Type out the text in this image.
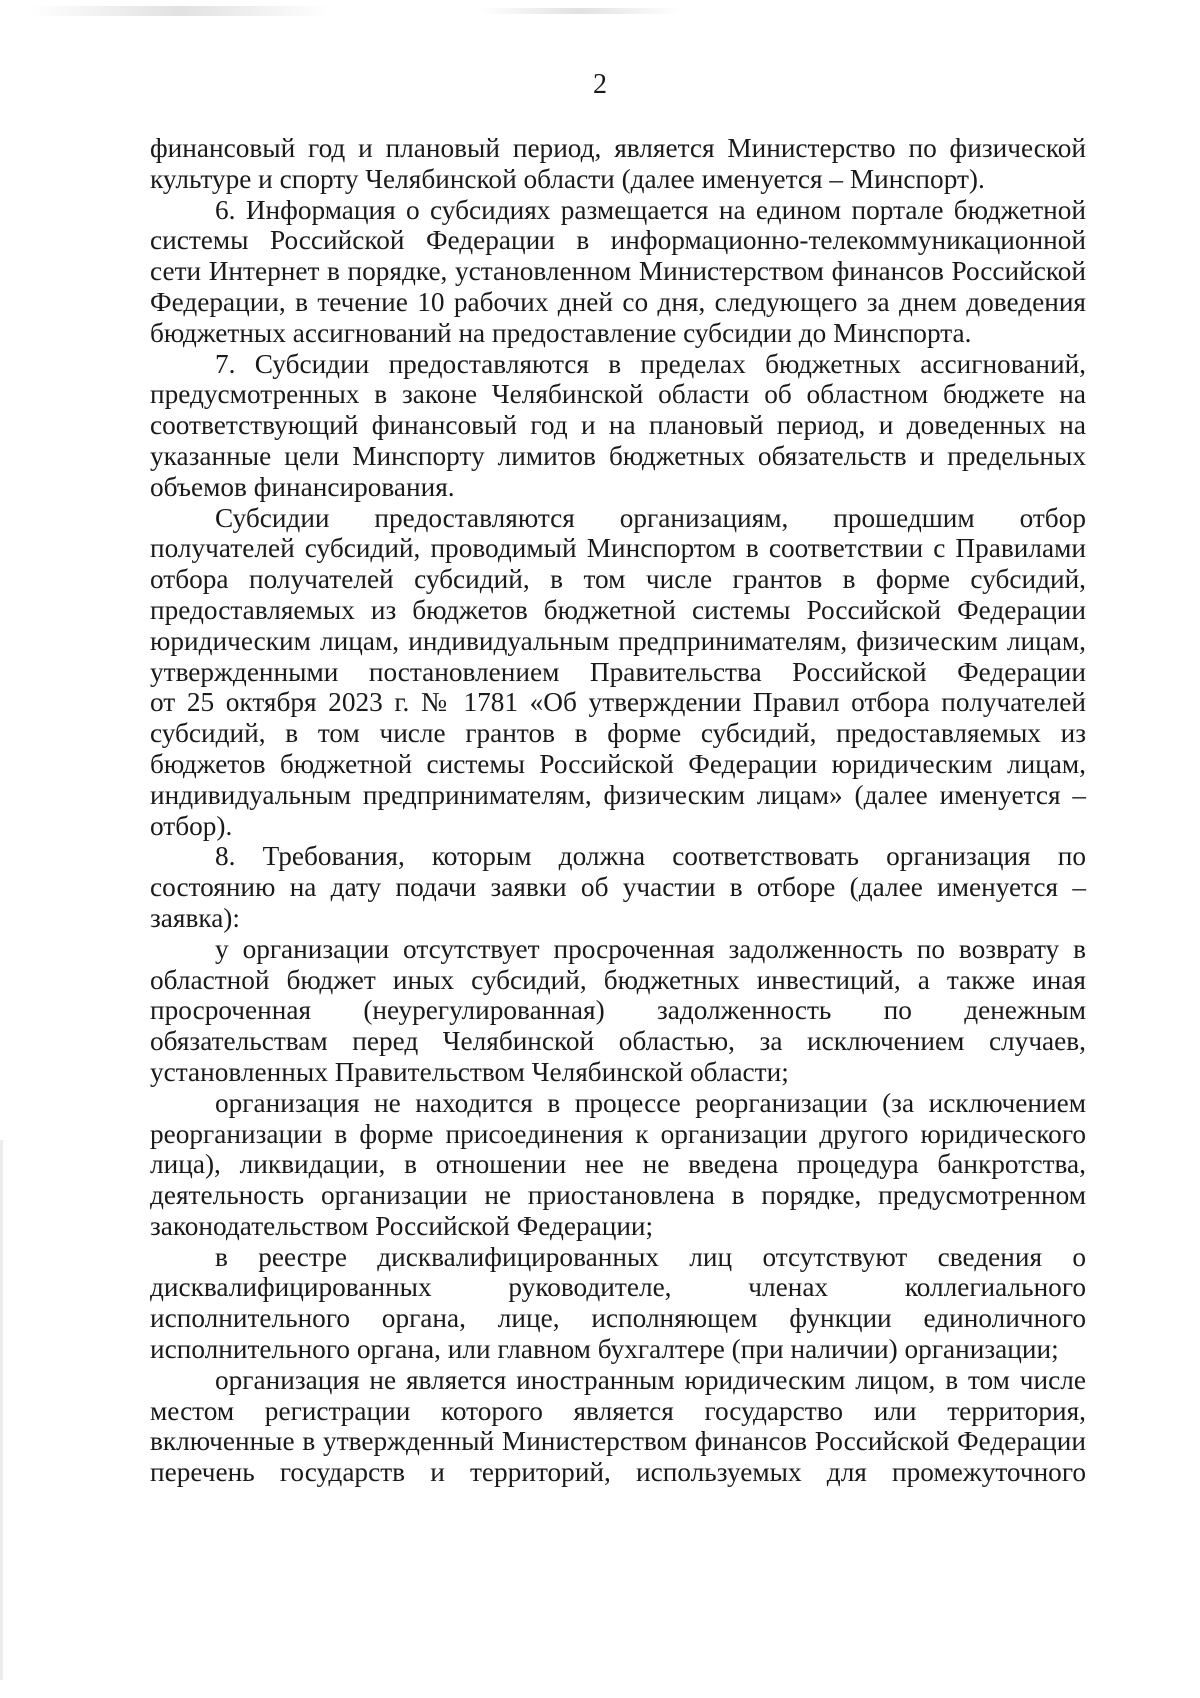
2
финансовый год и плановый период, является Министерство по физической
культуре и спорту Челябинской области (далее именуется – Минспорт).
6. Информация о субсидиях размещается на едином портале бюджетной
системы Российской Федерации в информационно-телекоммуникационной
сети Интернет в порядке, установленном Министерством финансов Российской
Федерации, в течение 10 рабочих дней со дня, следующего за днем доведения
бюджетных ассигнований на предоставление субсидии до Минспорта.
7. Субсидии предоставляются в пределах бюджетных ассигнований,
предусмотренных в законе Челябинской области об областном бюджете на
соответствующий финансовый год и на плановый период, и доведенных на
указанные цели Минспорту лимитов бюджетных обязательств и предельных
объемов финансирования.
Субсидии предоставляются организациям, прошедшим отбор
получателей субсидий, проводимый Минспортом в соответствии с Правилами
отбора получателей субсидий, в том числе грантов в форме субсидий,
предоставляемых из бюджетов бюджетной системы Российской Федерации
юридическим лицам, индивидуальным предпринимателям, физическим лицам,
утвержденными постановлением Правительства Российской Федерации
от 25 октября 2023 г. № 1781 «Об утверждении Правил отбора получателей
субсидий, в том числе грантов в форме субсидий, предоставляемых из
бюджетов бюджетной системы Российской Федерации юридическим лицам,
индивидуальным предпринимателям, физическим лицам» (далее именуется –
отбор).
8. Требования, которым должна соответствовать организация по
состоянию на дату подачи заявки об участии в отборе (далее именуется –
заявка):
у организации отсутствует просроченная задолженность по возврату в
областной бюджет иных субсидий, бюджетных инвестиций, а также иная
просроченная (неурегулированная) задолженность по денежным
обязательствам перед Челябинской областью, за исключением случаев,
установленных Правительством Челябинской области;
организация не находится в процессе реорганизации (за исключением
реорганизации в форме присоединения к организации другого юридического
лица), ликвидации, в отношении нее не введена процедура банкротства,
деятельность организации не приостановлена в порядке, предусмотренном
законодательством Российской Федерации;
в реестре дисквалифицированных лиц отсутствуют сведения о
дисквалифицированных руководителе, членах коллегиального
исполнительного органа, лице, исполняющем функции единоличного
исполнительного органа, или главном бухгалтере (при наличии) организации;
организация не является иностранным юридическим лицом, в том числе
местом регистрации которого является государство или территория,
включенные в утвержденный Министерством финансов Российской Федерации
перечень государств и территорий, используемых для промежуточного
